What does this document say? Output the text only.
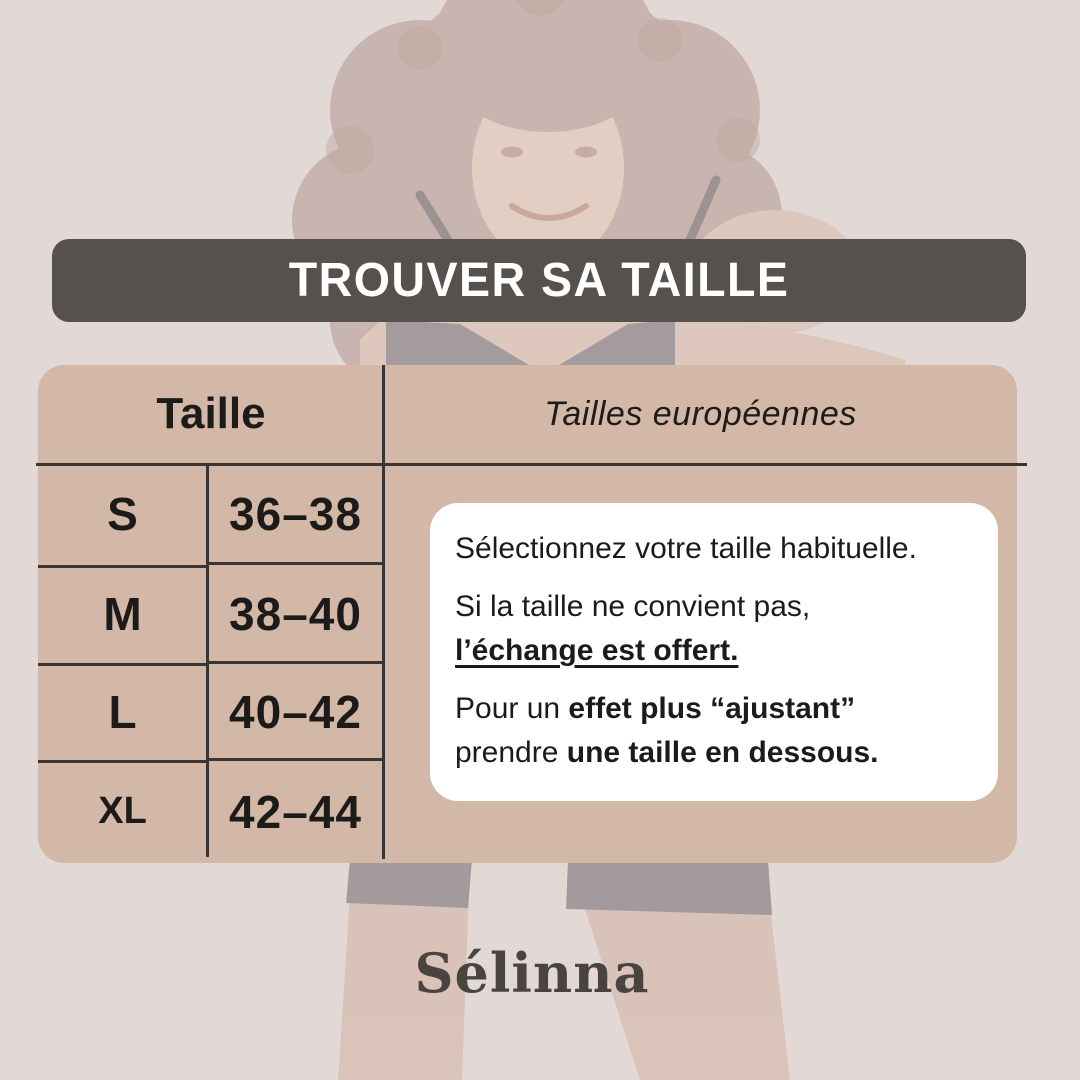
TROUVER SA TAILLE
Taille	Tailles européennes
S	36–38
M	38–40
L	40–42
XL	42–44

Sélectionnez votre taille habituelle.

Si la taille ne convient pas,
l’échange est offert.

Pour un effet plus “ajustant”
prendre une taille en dessous.

Sélinna
